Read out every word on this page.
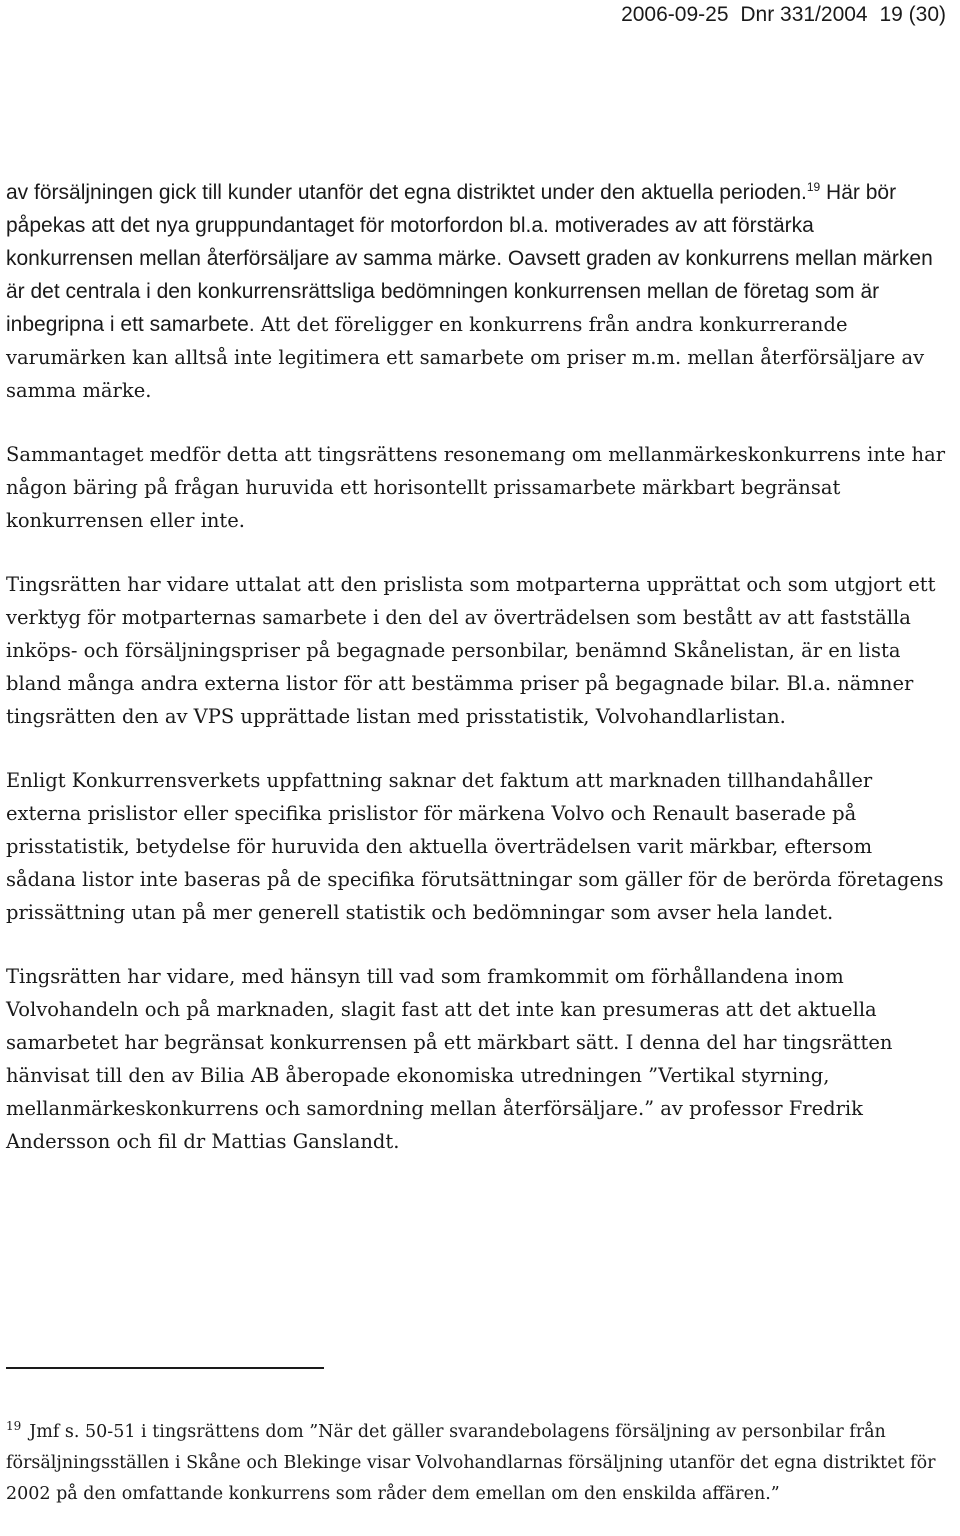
2006-09-25 Dnr 331/2004 19 (30)

av försäljningen gick till kunder utanför det egna distriktet under den aktuella perioden.$^{19}$ Här bör påpekas att det nya gruppundantaget för motorfordon bl.a. motiverades av att förstärka konkurrensen mellan återförsäljare av samma märke. Oavsett graden av konkurrens mellan märken är det centrala i den konkurrensrättsliga bedömningen konkurrensen mellan de företag som är inbegripna i ett samarbete. Att det föreligger en konkurrens från andra konkurrerande varumärken kan alltså inte legitimera ett samarbete om priser m.m. mellan återförsäljare av samma märke.

Sammantaget medför detta att tingsrättens resonemang om mellanmärkeskonkurrens inte har någon bäring på frågan huruvida ett horisontellt prissamarbete märkbart begränsat konkurrensen eller inte.

Tingsrätten har vidare uttalat att den prislista som motparterna upprättat och som utgjort ett verktyg för motparternas samarbete i den del av överträdelsen som bestått av att fastställa inköps- och försäljningspriser på begagnade personbilar, benämnd Skånelistan, är en lista bland många andra externa listor för att bestämma priser på begagnade bilar. Bl.a. nämner tingsrätten den av VPS upprättade listan med prisstatistik, Volvohandlarlistan.

Enligt Konkurrensverkets uppfattning saknar det faktum att marknaden tillhandahåller externa prislistor eller specifika prislistor för märkena Volvo och Renault baserade på prisstatistik, betydelse för huruvida den aktuella överträdelsen varit märkbar, eftersom sådana listor inte baseras på de specifika förutsättningar som gäller för de berörda företagens prissättning utan på mer generell statistik och bedömningar som avser hela landet.

Tingsrätten har vidare, med hänsyn till vad som framkommit om förhållandena inom Volvohandeln och på marknaden, slagit fast att det inte kan presumeras att det aktuella samarbetet har begränsat konkurrensen på ett märkbart sätt. I denna del har tingsrätten hänvisat till den av Bilia AB åberopade ekonomiska utredningen ”Vertikal styrning, mellanmärkeskonkurrens och samordning mellan återförsäljare.” av professor Fredrik Andersson och fil dr Mattias Ganslandt.

$^{19}$ Jmf s. 50-51 i tingsrättens dom ”När det gäller svarandebolagens försäljning av personbilar från försäljningsställen i Skåne och Blekinge visar Volvohandlarnas försäljning utanför det egna distriktet för 2002 på den omfattande konkurrens som råder dem emellan om den enskilda affären.”
